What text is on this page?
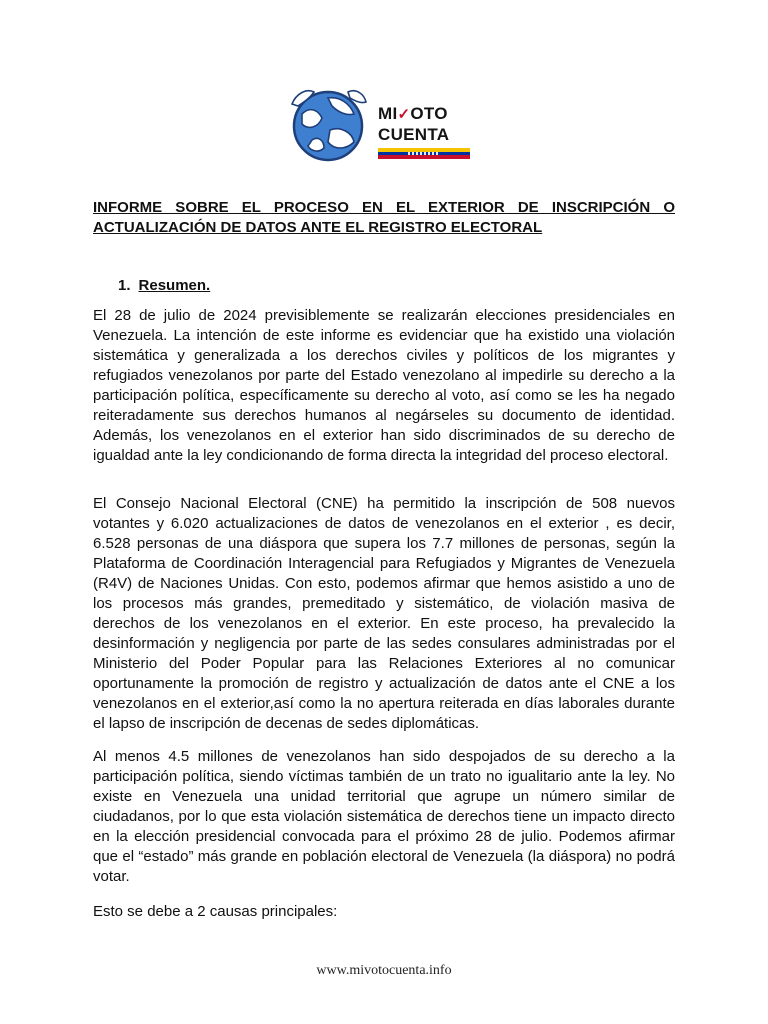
MI✓OTO
CUENTA
INFORME SOBRE EL PROCESO EN EL EXTERIOR DE INSCRIPCIÓN O ACTUALIZACIÓN DE DATOS ANTE EL REGISTRO ELECTORAL
1. Resumen.

El 28 de julio de 2024 previsiblemente se realizarán elecciones presidenciales en Venezuela. La intención de este informe es evidenciar que ha existido una violación sistemática y generalizada a los derechos civiles y políticos de los migrantes y refugiados venezolanos por parte del Estado venezolano al impedirle su derecho a la participación política, específicamente su derecho al voto, así como se les ha negado reiteradamente sus derechos humanos al negárseles su documento de identidad. Además, los venezolanos en el exterior han sido discriminados de su derecho de igualdad ante la ley condicionando de forma directa la integridad del proceso electoral.

El Consejo Nacional Electoral (CNE) ha permitido la inscripción de 508 nuevos votantes y 6.020 actualizaciones de datos de venezolanos en el exterior , es decir, 6.528 personas de una diáspora que supera los 7.7 millones de personas, según la Plataforma de Coordinación Interagencial para Refugiados y Migrantes de Venezuela (R4V) de Naciones Unidas. Con esto, podemos afirmar que hemos asistido a uno de los procesos más grandes, premeditado y sistemático, de violación masiva de derechos de los venezolanos en el exterior. En este proceso, ha prevalecido la desinformación y negligencia por parte de las sedes consulares administradas por el Ministerio del Poder Popular para las Relaciones Exteriores al no comunicar oportunamente la promoción de registro y actualización de datos ante el CNE a los venezolanos en el exterior,así como la no apertura reiterada en días laborales durante el lapso de inscripción de decenas de sedes diplomáticas.

Al menos 4.5 millones de venezolanos han sido despojados de su derecho a la participación política, siendo víctimas también de un trato no igualitario ante la ley. No existe en Venezuela una unidad territorial que agrupe un número similar de ciudadanos, por lo que esta violación sistemática de derechos tiene un impacto directo en la elección presidencial convocada para el próximo 28 de julio. Podemos afirmar que el “estado” más grande en población electoral de Venezuela (la diáspora) no podrá votar.

Esto se debe a 2 causas principales:

www.mivotocuenta.info
